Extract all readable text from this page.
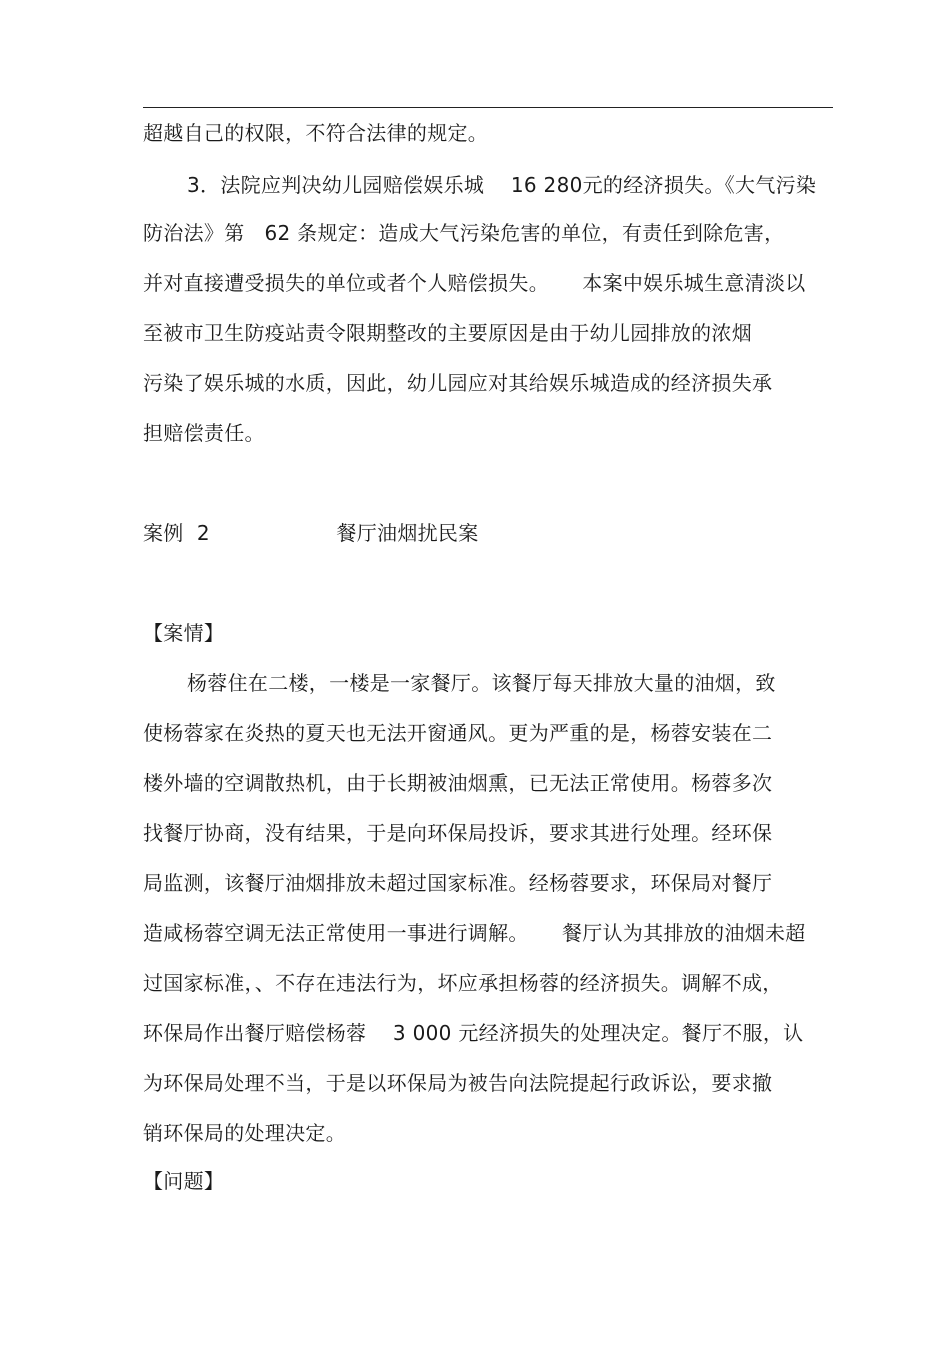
超越自己的权限，不符合法律的规定。
3．法院应判决幼儿园赔偿娱乐城    16 280元的经济损失。《大气污染
防治法》第   62 条规定：造成大气污染危害的单位，有责任到除危害，
并对直接遭受损失的单位或者个人赔偿损失。     本案中娱乐城生意清淡以
至被市卫生防疫站责令限期整改的主要原因是由于幼儿园排放的浓烟
污染了娱乐城的水质，因此，幼儿园应对其给娱乐城造成的经济损失承
担赔偿责任。
案例  2                   餐厅油烟扰民案
【案情】
杨蓉住在二楼，一楼是一家餐厅。该餐厅每天排放大量的油烟，致
使杨蓉家在炎热的夏天也无法开窗通风。更为严重的是，杨蓉安装在二
楼外墙的空调散热机，由于长期被油烟熏，已无法正常使用。杨蓉多次
找餐厅协商，没有结果，于是向环保局投诉，要求其进行处理。经环保
局监测，该餐厅油烟排放未超过国家标准。经杨蓉要求，环保局对餐厅
造咸杨蓉空调无法正常使用一事进行调解。     餐厅认为其排放的油烟未超
过国家标准，、不存在违法行为，坏应承担杨蓉的经济损失。调解不成，
环保局作出餐厅赔偿杨蓉    3 000 元经济损失的处理决定。餐厅不服，认
为环保局处理不当，于是以环保局为被告向法院提起行政诉讼，要求撤
销环保局的处理决定。
【问题】
